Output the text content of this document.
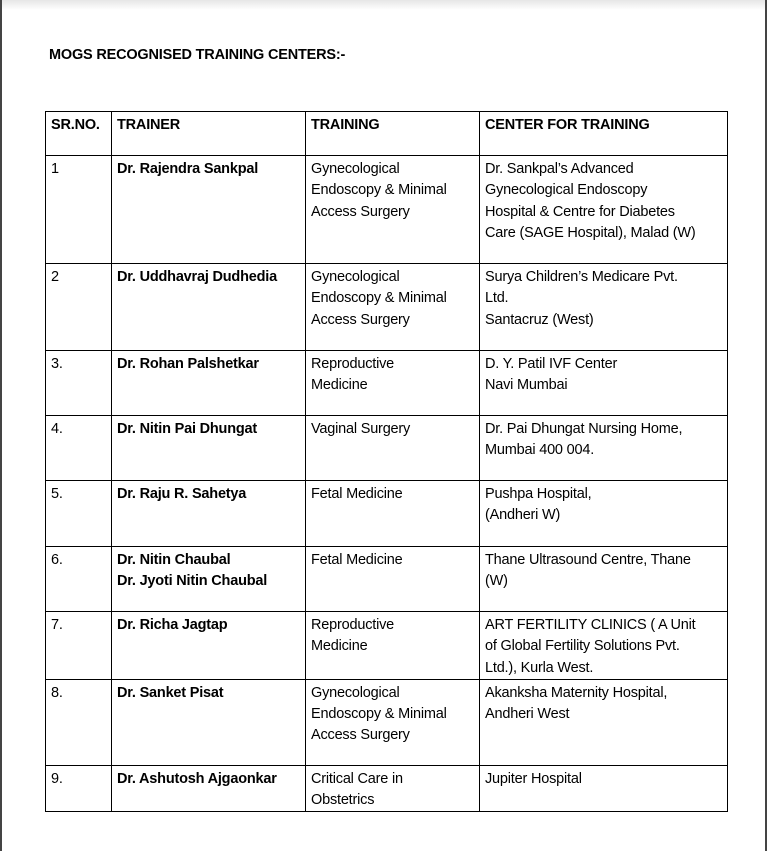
MOGS RECOGNISED TRAINING CENTERS:-
SR.NO.	TRAINER	TRAINING	CENTER FOR TRAINING
1	Dr. Rajendra Sankpal	Gynecological
Endoscopy & Minimal
Access Surgery	Dr. Sankpal’s Advanced
Gynecological Endoscopy
Hospital & Centre for Diabetes
Care (SAGE Hospital), Malad (W)

2	Dr. Uddhavraj Dudhedia	Gynecological
Endoscopy & Minimal
Access Surgery	Surya Children’s Medicare Pvt.
Ltd.
Santacruz (West)

3.	Dr. Rohan Palshetkar	Reproductive
Medicine	D. Y. Patil IVF Center
Navi Mumbai

4.	Dr. Nitin Pai Dhungat	Vaginal Surgery	Dr. Pai Dhungat Nursing Home,
Mumbai 400 004.

5.	Dr. Raju R. Sahetya	Fetal Medicine	Pushpa Hospital,
(Andheri W)

6.	Dr. Nitin Chaubal
Dr. Jyoti Nitin Chaubal	Fetal Medicine	Thane Ultrasound Centre, Thane
(W)

7.	Dr. Richa Jagtap	Reproductive
Medicine	ART FERTILITY CLINICS ( A Unit
of Global Fertility Solutions Pvt.
Ltd.), Kurla West.

8.	Dr. Sanket Pisat	Gynecological
Endoscopy & Minimal
Access Surgery	Akanksha Maternity Hospital,
Andheri West

9.	Dr. Ashutosh Ajgaonkar	Critical Care in
Obstetrics	Jupiter Hospital
